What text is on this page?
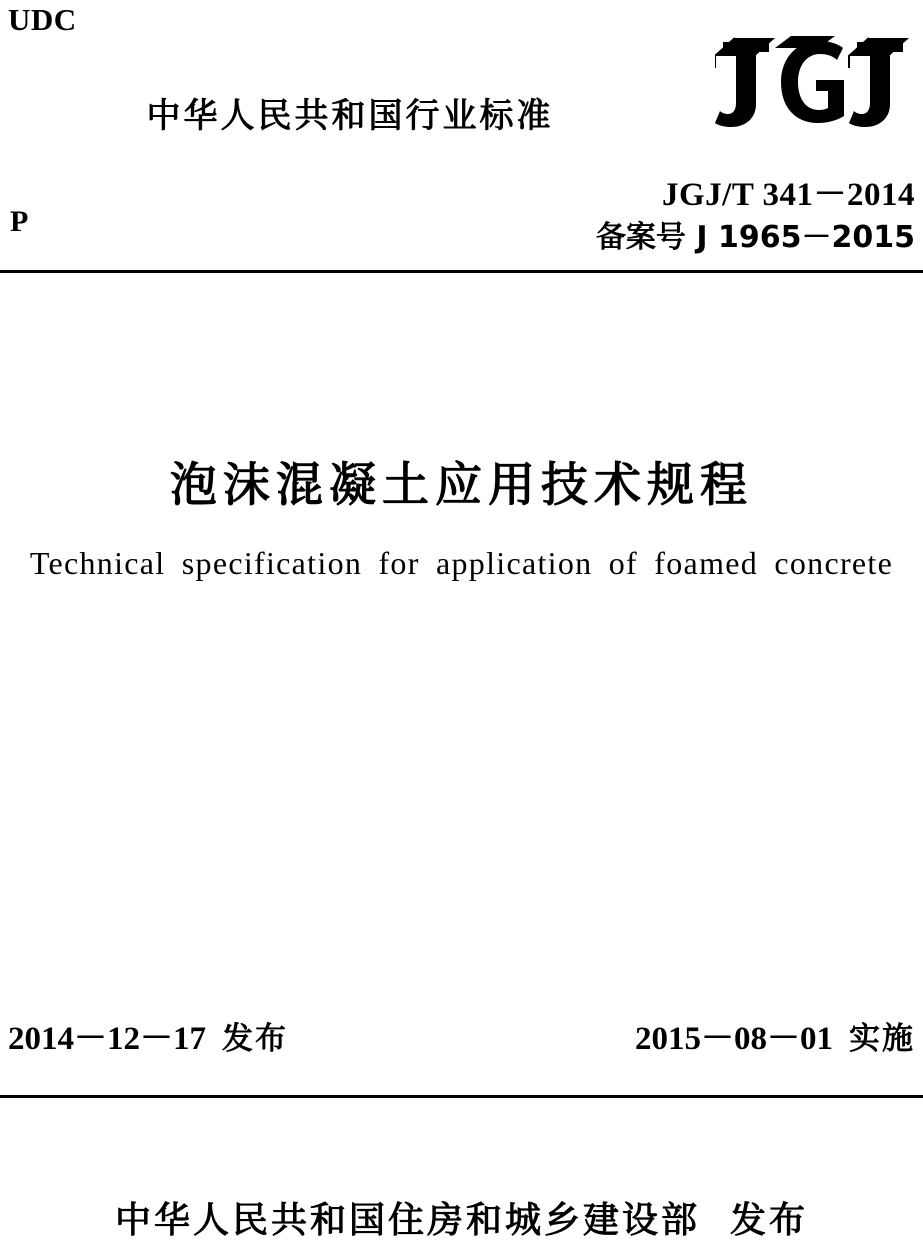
UDC
中华人民共和国行业标准
JGJ/T 341－2014
备案号 J 1965－2015
P
泡沫混凝土应用技术规程
Technical specification for application of foamed concrete
2014－12－17 发布	2015－08－01 实施
中华人民共和国住房和城乡建设部 发布
